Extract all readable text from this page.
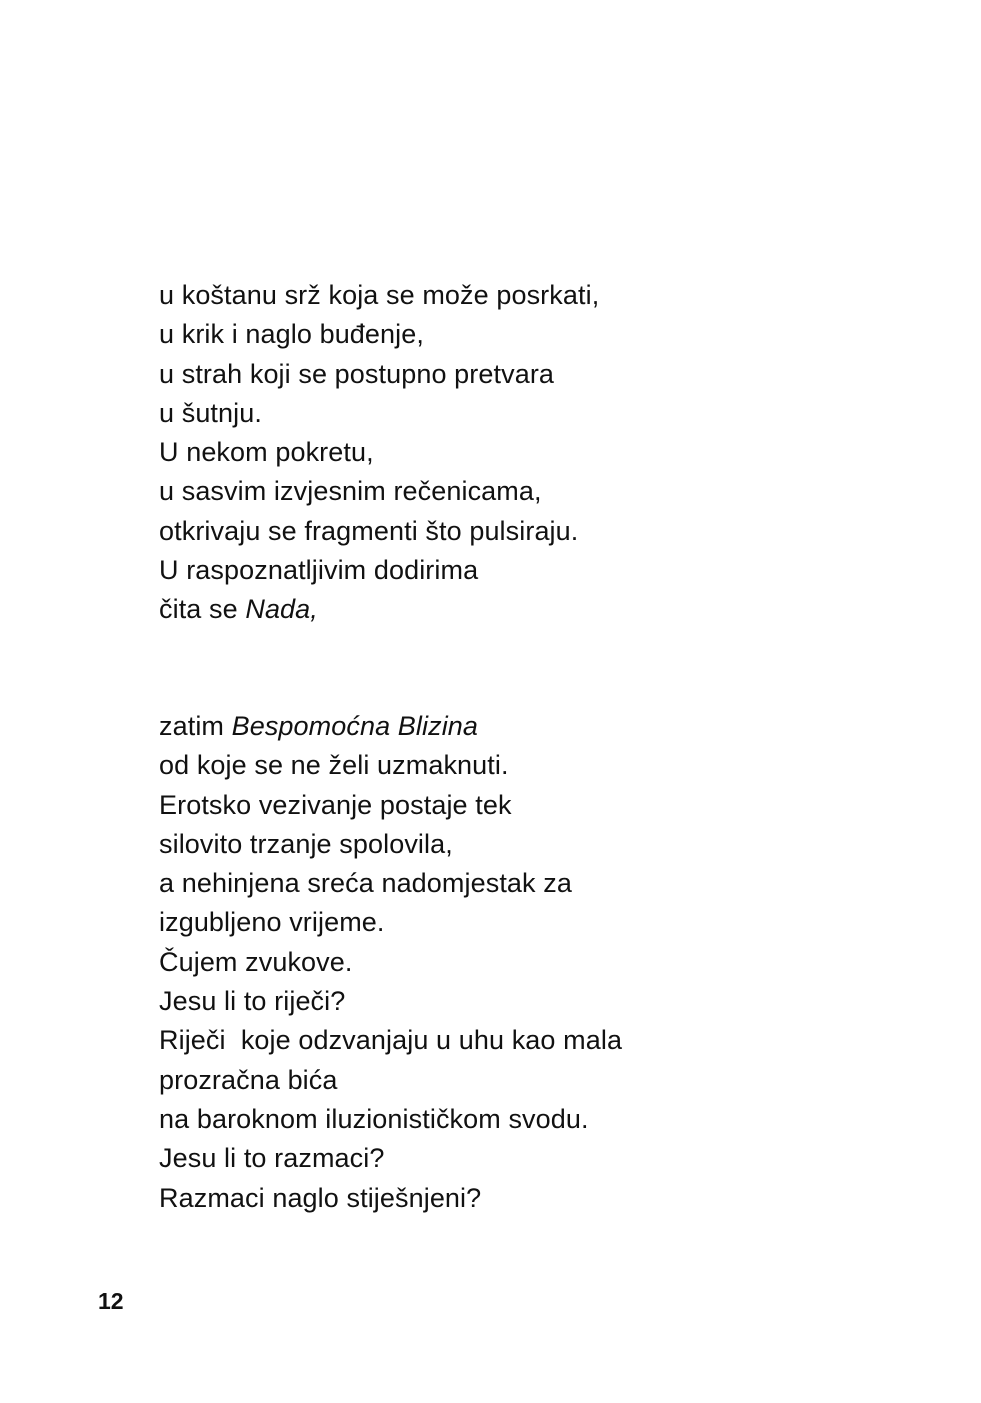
u koštanu srž koja se može posrkati,
u krik i naglo buđenje,
u strah koji se postupno pretvara
u šutnju.
U nekom pokretu,
u sasvim izvjesnim rečenicama,
otkrivaju se fragmenti što pulsiraju.
U raspoznatljivim dodirima
čita se Nada,
zatim Bespomoćna Blizina
od koje se ne želi uzmaknuti.
Erotsko vezivanje postaje tek
silovito trzanje spolovila,
a nehinjena sreća nadomjestak za
izgubljeno vrijeme.
Čujem zvukove.
Jesu li to riječi?
Riječi  koje odzvanjaju u uhu kao mala
prozračna bića
na baroknom iluzionističkom svodu.
Jesu li to razmaci?
Razmaci naglo stiješnjeni?
12
